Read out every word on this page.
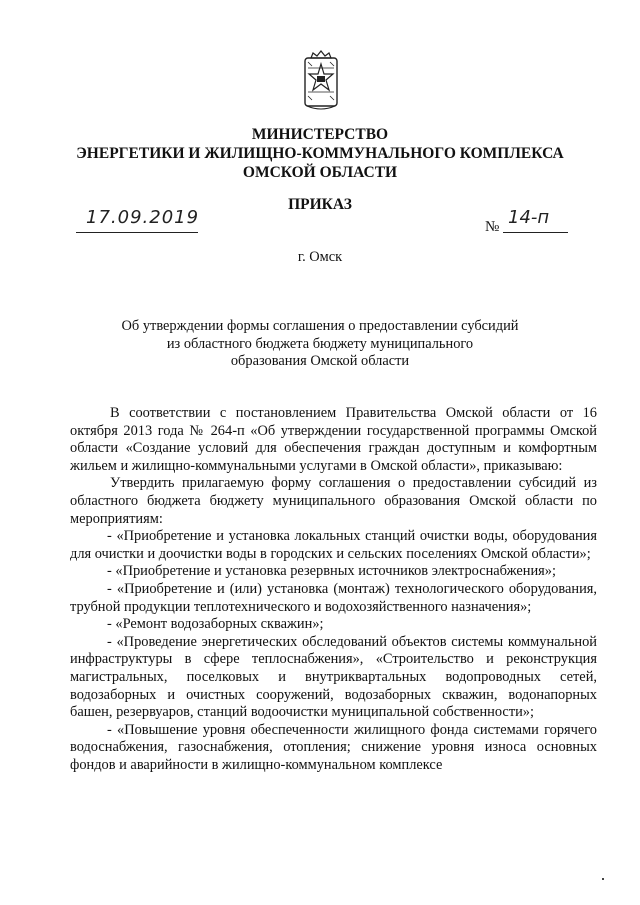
МИНИСТЕРСТВО
ЭНЕРГЕТИКИ И ЖИЛИЩНО-КОММУНАЛЬНОГО КОМПЛЕКСА
ОМСКОЙ ОБЛАСТИ
ПРИКАЗ
17.09.2019	№ 14-п
г. Омск
Об утверждении формы соглашения о предоставлении субсидий
из областного бюджета бюджету муниципального
образования Омской области

В соответствии с постановлением Правительства Омской области от 16 октября 2013 года № 264-п «Об утверждении государственной программы Омской области «Создание условий для обеспечения граждан доступным и комфортным жильем и жилищно-коммунальными услугами в Омской области», приказываю:

Утвердить прилагаемую форму соглашения о предоставлении субсидий из областного бюджета бюджету муниципального образования Омской области по мероприятиям:

- «Приобретение и установка локальных станций очистки воды, оборудования для очистки и доочистки воды в городских и сельских поселениях Омской области»;

- «Приобретение и установка резервных источников электроснабжения»;

- «Приобретение и (или) установка (монтаж) технологического оборудования, трубной продукции теплотехнического и водохозяйственного назначения»;

- «Ремонт водозаборных скважин»;

- «Проведение энергетических обследований объектов системы коммунальной инфраструктуры в сфере теплоснабжения», «Строительство и реконструкция магистральных, поселковых и внутриквартальных водопроводных сетей, водозаборных и очистных сооружений, водозаборных скважин, водонапорных башен, резервуаров, станций водоочистки муниципальной собственности»;

- «Повышение уровня обеспеченности жилищного фонда системами горячего водоснабжения, газоснабжения, отопления; снижение уровня износа основных фондов и аварийности в жилищно-коммунальном комплексе
